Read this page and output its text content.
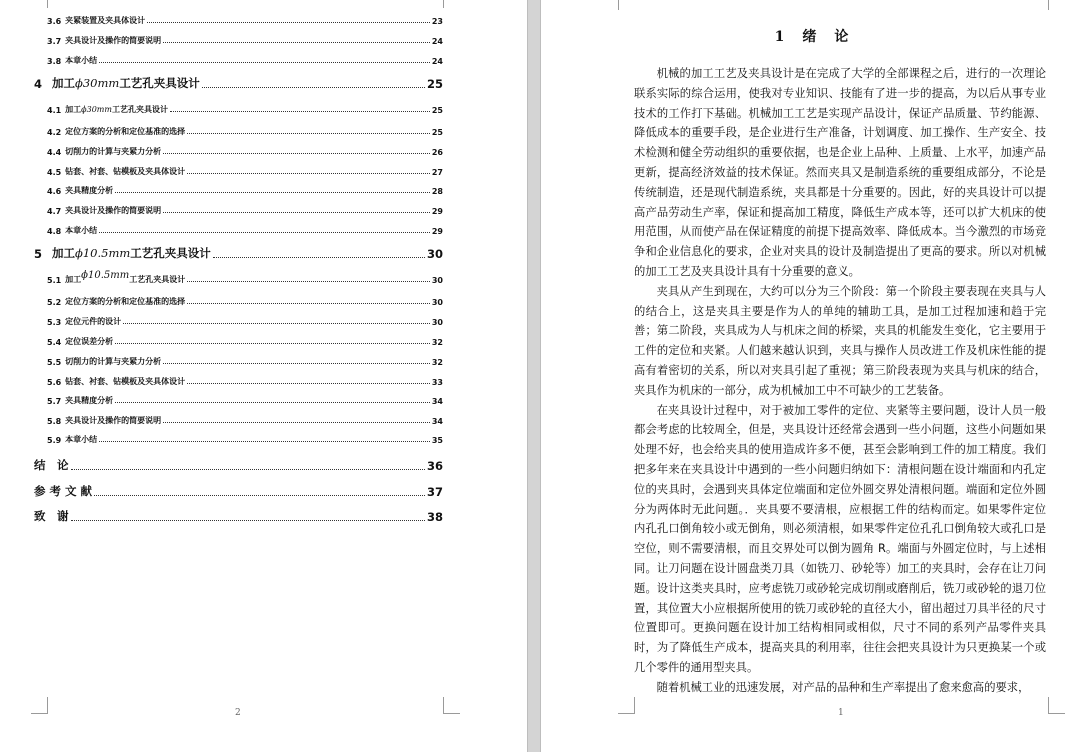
3.6 夹紧装置及夹具体设计	23
3.7 夹具设计及操作的简要说明	24
3.8 本章小结	24
4 加工ϕ30mm工艺孔夹具设计	25
4.1 加工ϕ30mm工艺孔夹具设计	25
4.2 定位方案的分析和定位基准的选择	25
4.4 切削力的计算与夹紧力分析	26
4.5 钻套、衬套、钻模板及夹具体设计	27
4.6 夹具精度分析	28
4.7 夹具设计及操作的简要说明	29
4.8 本章小结	29
5 加工ϕ10.5mm工艺孔夹具设计	30
5.1 加工ϕ10.5mm工艺孔夹具设计	30
5.2 定位方案的分析和定位基准的选择	30
5.3 定位元件的设计	30
5.4 定位误差分析	32
5.5 切削力的计算与夹紧力分析	32
5.6 钻套、衬套、钻模板及夹具体设计	33
5.7 夹具精度分析	34
5.8 夹具设计及操作的简要说明	34
5.9 本章小结	35
结　论	36
参 考 文 献	37
致　谢	38
2
1　绪　论

机械的加工工艺及夹具设计是在完成了大学的全部课程之后，进行的一次理论联系实际的综合运用，使我对专业知识、技能有了进一步的提高，为以后从事专业技术的工作打下基础。机械加工工艺是实现产品设计，保证产品质量、节约能源、降低成本的重要手段，是企业进行生产准备，计划调度、加工操作、生产安全、技术检测和健全劳动组织的重要依据，也是企业上品种、上质量、上水平，加速产品更新，提高经济效益的技术保证。然而夹具又是制造系统的重要组成部分，不论是传统制造，还是现代制造系统，夹具都是十分重要的。因此，好的夹具设计可以提高产品劳动生产率，保证和提高加工精度，降低生产成本等，还可以扩大机床的使用范围，从而使产品在保证精度的前提下提高效率、降低成本。当今激烈的市场竞争和企业信息化的要求，企业对夹具的设计及制造提出了更高的要求。所以对机械的加工工艺及夹具设计具有十分重要的意义。

夹具从产生到现在，大约可以分为三个阶段：第一个阶段主要表现在夹具与人的结合上，这是夹具主要是作为人的单纯的辅助工具，是加工过程加速和趋于完善；第二阶段，夹具成为人与机床之间的桥梁，夹具的机能发生变化，它主要用于工件的定位和夹紧。人们越来越认识到，夹具与操作人员改进工作及机床性能的提高有着密切的关系，所以对夹具引起了重视；第三阶段表现为夹具与机床的结合，夹具作为机床的一部分，成为机械加工中不可缺少的工艺装备。

在夹具设计过程中，对于被加工零件的定位、夹紧等主要问题，设计人员一般都会考虑的比较周全，但是，夹具设计还经常会遇到一些小问题，这些小问题如果处理不好，也会给夹具的使用造成许多不便，甚至会影响到工件的加工精度。我们把多年来在夹具设计中遇到的一些小问题归纳如下：清根问题在设计端面和内孔定位的夹具时，会遇到夹具体定位端面和定位外圆交界处清根问题。端面和定位外圆分为两体时无此问题。．夹具要不要清根，应根据工件的结构而定。如果零件定位内孔孔口倒角较小或无倒角，则必须清根，如果零件定位孔孔口倒角较大或孔口是空位，则不需要清根，而且交界处可以倒为圆角 R。端面与外圆定位时，与上述相同。让刀问题在设计圆盘类刀具（如铣刀、砂轮等）加工的夹具时，会存在让刀问题。设计这类夹具时，应考虑铣刀或砂轮完成切削或磨削后，铣刀或砂轮的退刀位置，其位置大小应根据所使用的铣刀或砂轮的直径大小，留出超过刀具半径的尺寸位置即可。更换问题在设计加工结构相同或相似，尺寸不同的系列产品零件夹具时，为了降低生产成本，提高夹具的利用率，往往会把夹具设计为只更换某一个或几个零件的通用型夹具。

随着机械工业的迅速发展，对产品的品种和生产率提出了愈来愈高的要求，

1
